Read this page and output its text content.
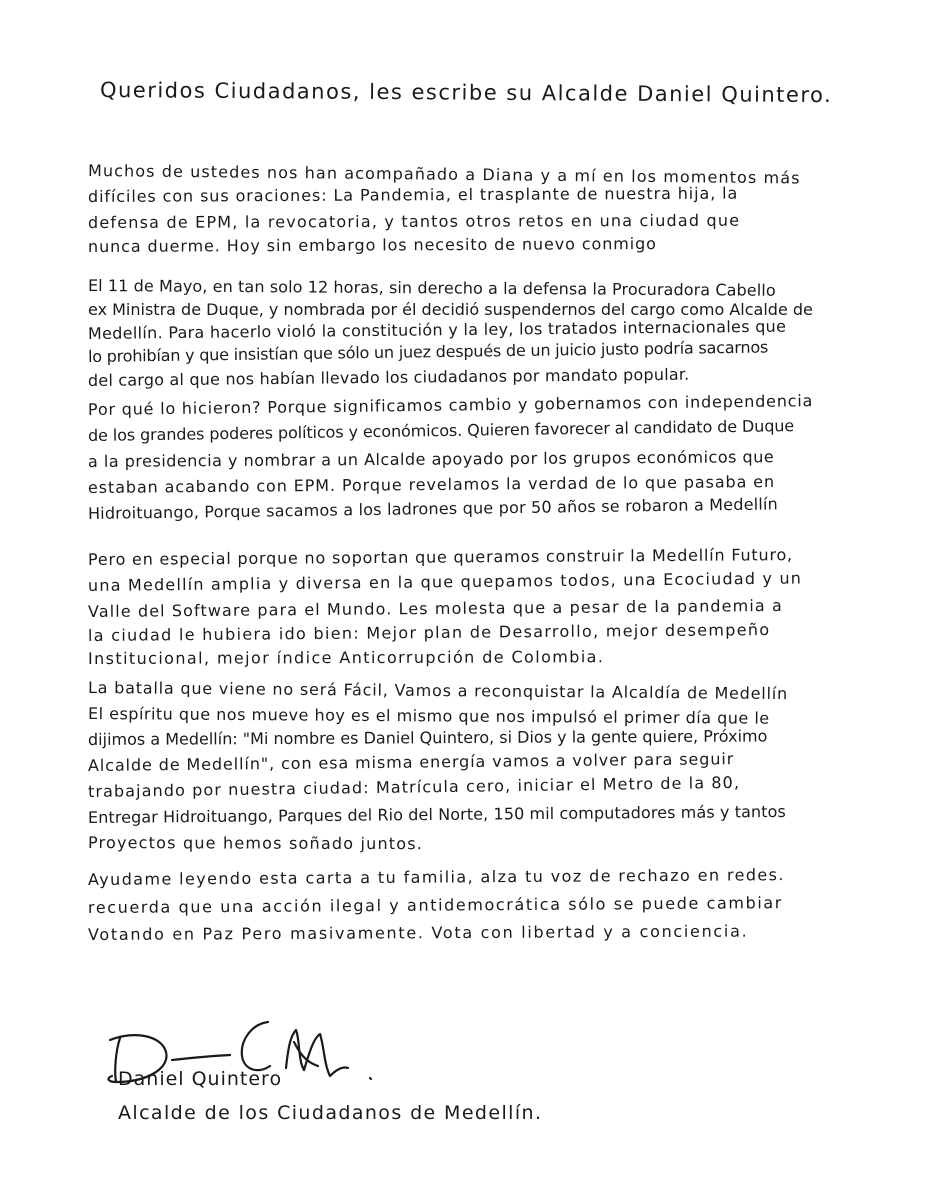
Queridos Ciudadanos, les escribe su Alcalde Daniel Quintero.
Muchos de ustedes nos han acompañado a Diana y a mí en los momentos más
difíciles con sus oraciones: La Pandemia, el trasplante de nuestra hija, la
defensa de EPM, la revocatoria, y tantos otros retos en una ciudad que
nunca duerme. Hoy sin embargo los necesito de nuevo conmigo
El 11 de Mayo, en tan solo 12 horas, sin derecho a la defensa la Procuradora Cabello
ex Ministra de Duque, y nombrada por él decidió suspendernos del cargo como Alcalde de
Medellín. Para hacerlo violó la constitución y la ley, los tratados internacionales que
lo prohibían y que insistían que sólo un juez después de un juicio justo podría sacarnos
del cargo al que nos habían llevado los ciudadanos por mandato popular.
Por qué lo hicieron? Porque significamos cambio y gobernamos con independencia
de los grandes poderes políticos y económicos. Quieren favorecer al candidato de Duque
a la presidencia y nombrar a un Alcalde apoyado por los grupos económicos que
estaban acabando con EPM. Porque revelamos la verdad de lo que pasaba en
Hidroituango, Porque sacamos a los ladrones que por 50 años se robaron a Medellín
Pero en especial porque no soportan que queramos construir la Medellín Futuro,
una Medellín amplia y diversa en la que quepamos todos, una Ecociudad y un
Valle del Software para el Mundo. Les molesta que a pesar de la pandemia a
la ciudad le hubiera ido bien: Mejor plan de Desarrollo, mejor desempeño
Institucional, mejor índice Anticorrupción de Colombia.
La batalla que viene no será Fácil, Vamos a reconquistar la Alcaldía de Medellín
El espíritu que nos mueve hoy es el mismo que nos impulsó el primer día que le
dijimos a Medellín: "Mi nombre es Daniel Quintero, si Dios y la gente quiere, Próximo
Alcalde de Medellín", con esa misma energía vamos a volver para seguir
trabajando por nuestra ciudad: Matrícula cero, iniciar el Metro de la 80,
Entregar Hidroituango, Parques del Rio del Norte, 150 mil computadores más y tantos
Proyectos que hemos soñado juntos.
Ayudame leyendo esta carta a tu familia, alza tu voz de rechazo en redes.
recuerda que una acción ilegal y antidemocrática sólo se puede cambiar
Votando en Paz Pero masivamente. Vota con libertad y a conciencia.
Daniel Quintero
Alcalde de los Ciudadanos de Medellín.
